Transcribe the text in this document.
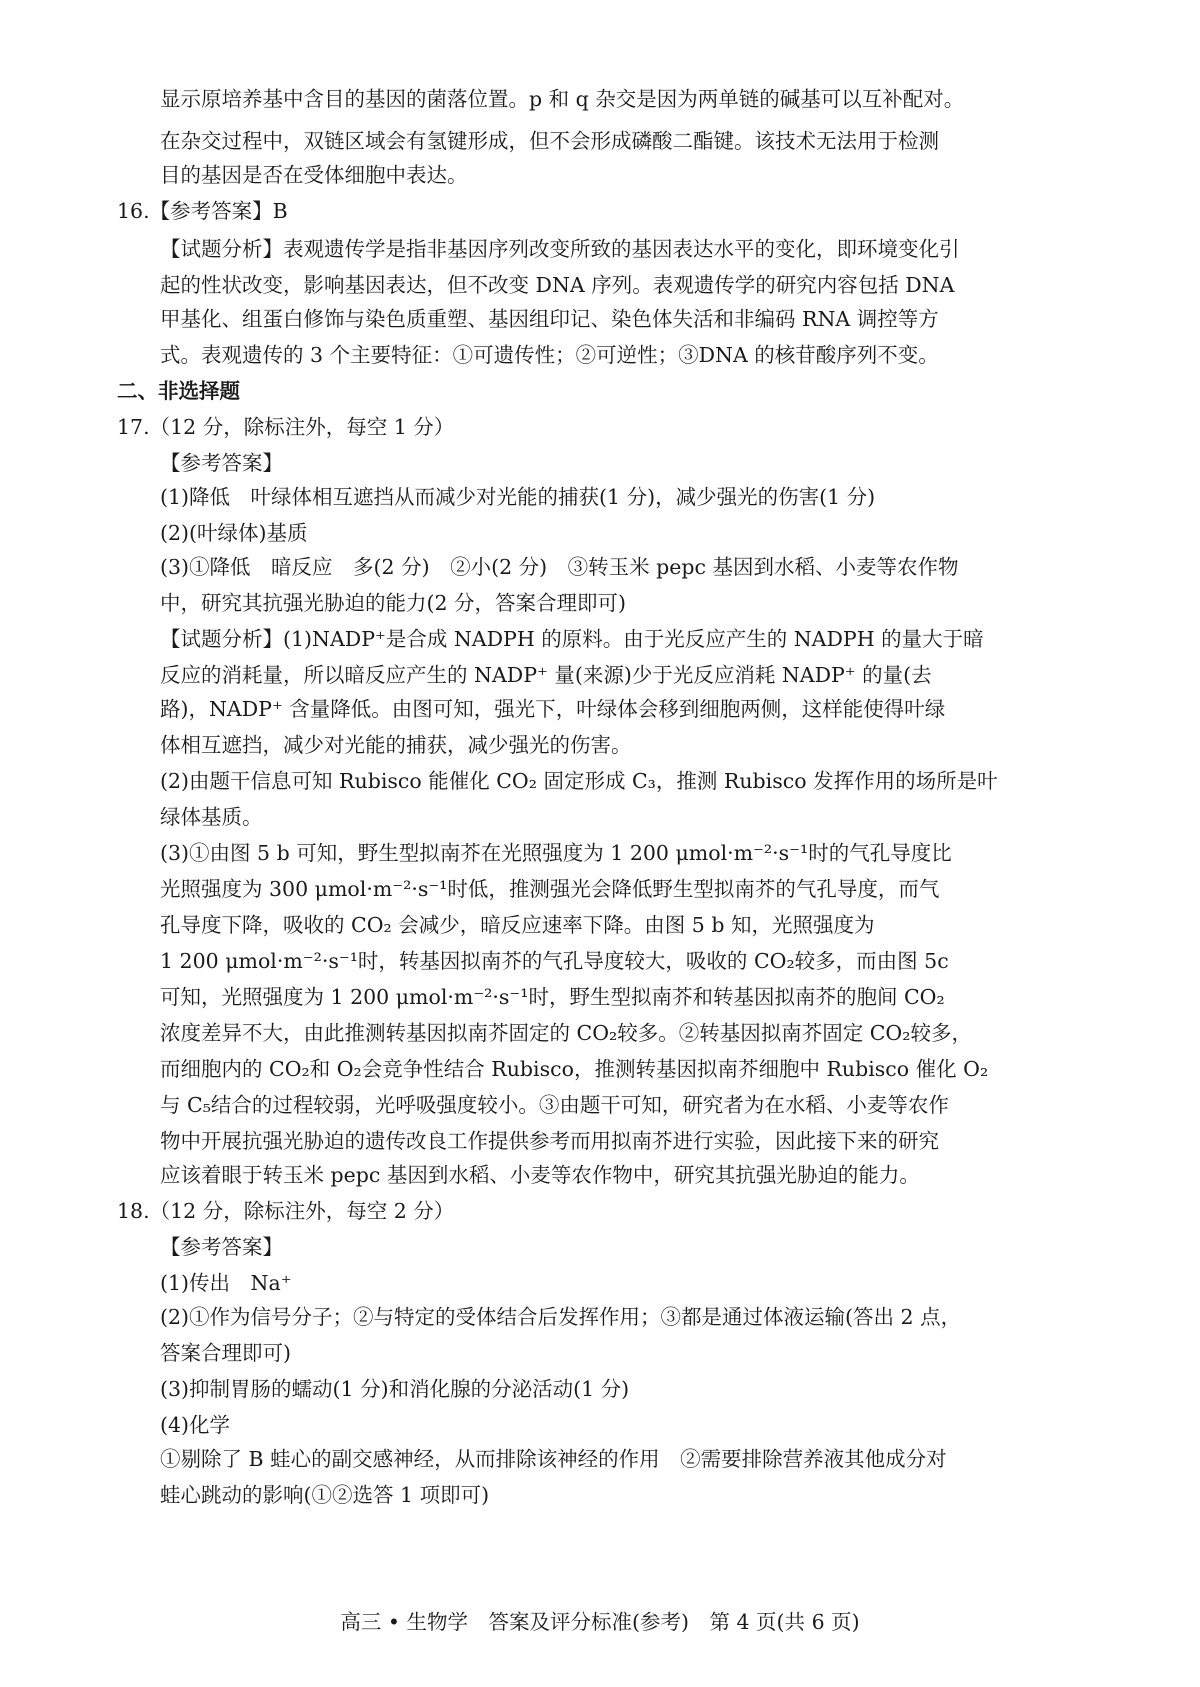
显示原培养基中含目的基因的菌落位置。p 和 q 杂交是因为两单链的碱基可以互补配对。
在杂交过程中，双链区域会有氢键形成，但不会形成磷酸二酯键。该技术无法用于检测
目的基因是否在受体细胞中表达。
16.【参考答案】B
【试题分析】表观遗传学是指非基因序列改变所致的基因表达水平的变化，即环境变化引
起的性状改变，影响基因表达，但不改变 DNA 序列。表观遗传学的研究内容包括 DNA
甲基化、组蛋白修饰与染色质重塑、基因组印记、染色体失活和非编码 RNA 调控等方
式。表观遗传的 3 个主要特征：①可遗传性；②可逆性；③DNA 的核苷酸序列不变。
二、非选择题
17.（12 分，除标注外，每空 1 分）
【参考答案】
(1)降低　叶绿体相互遮挡从而减少对光能的捕获(1 分)，减少强光的伤害(1 分)
(2)(叶绿体)基质
(3)①降低　暗反应　多(2 分)　②小(2 分)　③转玉米 pepc 基因到水稻、小麦等农作物
中，研究其抗强光胁迫的能力(2 分，答案合理即可)
【试题分析】(1)NADP⁺是合成 NADPH 的原料。由于光反应产生的 NADPH 的量大于暗
反应的消耗量，所以暗反应产生的 NADP⁺ 量(来源)少于光反应消耗 NADP⁺ 的量(去
路)，NADP⁺ 含量降低。由图可知，强光下，叶绿体会移到细胞两侧，这样能使得叶绿
体相互遮挡，减少对光能的捕获，减少强光的伤害。
(2)由题干信息可知 Rubisco 能催化 CO₂ 固定形成 C₃，推测 Rubisco 发挥作用的场所是叶
绿体基质。
(3)①由图 5 b 可知，野生型拟南芥在光照强度为 1 200 μmol·m⁻²·s⁻¹时的气孔导度比
光照强度为 300 μmol·m⁻²·s⁻¹时低，推测强光会降低野生型拟南芥的气孔导度，而气
孔导度下降，吸收的 CO₂ 会减少，暗反应速率下降。由图 5 b 知，光照强度为
1 200 μmol·m⁻²·s⁻¹时，转基因拟南芥的气孔导度较大，吸收的 CO₂较多，而由图 5c
可知，光照强度为 1 200 μmol·m⁻²·s⁻¹时，野生型拟南芥和转基因拟南芥的胞间 CO₂
浓度差异不大，由此推测转基因拟南芥固定的 CO₂较多。②转基因拟南芥固定 CO₂较多，
而细胞内的 CO₂和 O₂会竞争性结合 Rubisco，推测转基因拟南芥细胞中 Rubisco 催化 O₂
与 C₅结合的过程较弱，光呼吸强度较小。③由题干可知，研究者为在水稻、小麦等农作
物中开展抗强光胁迫的遗传改良工作提供参考而用拟南芥进行实验，因此接下来的研究
应该着眼于转玉米 pepc 基因到水稻、小麦等农作物中，研究其抗强光胁迫的能力。
18.（12 分，除标注外，每空 2 分）
【参考答案】
(1)传出　Na⁺
(2)①作为信号分子；②与特定的受体结合后发挥作用；③都是通过体液运输(答出 2 点，
答案合理即可)
(3)抑制胃肠的蠕动(1 分)和消化腺的分泌活动(1 分)
(4)化学
①剔除了 B 蛙心的副交感神经，从而排除该神经的作用　②需要排除营养液其他成分对
蛙心跳动的影响(①②选答 1 项即可)
高三 • 生物学　答案及评分标准(参考)　第 4 页(共 6 页)
